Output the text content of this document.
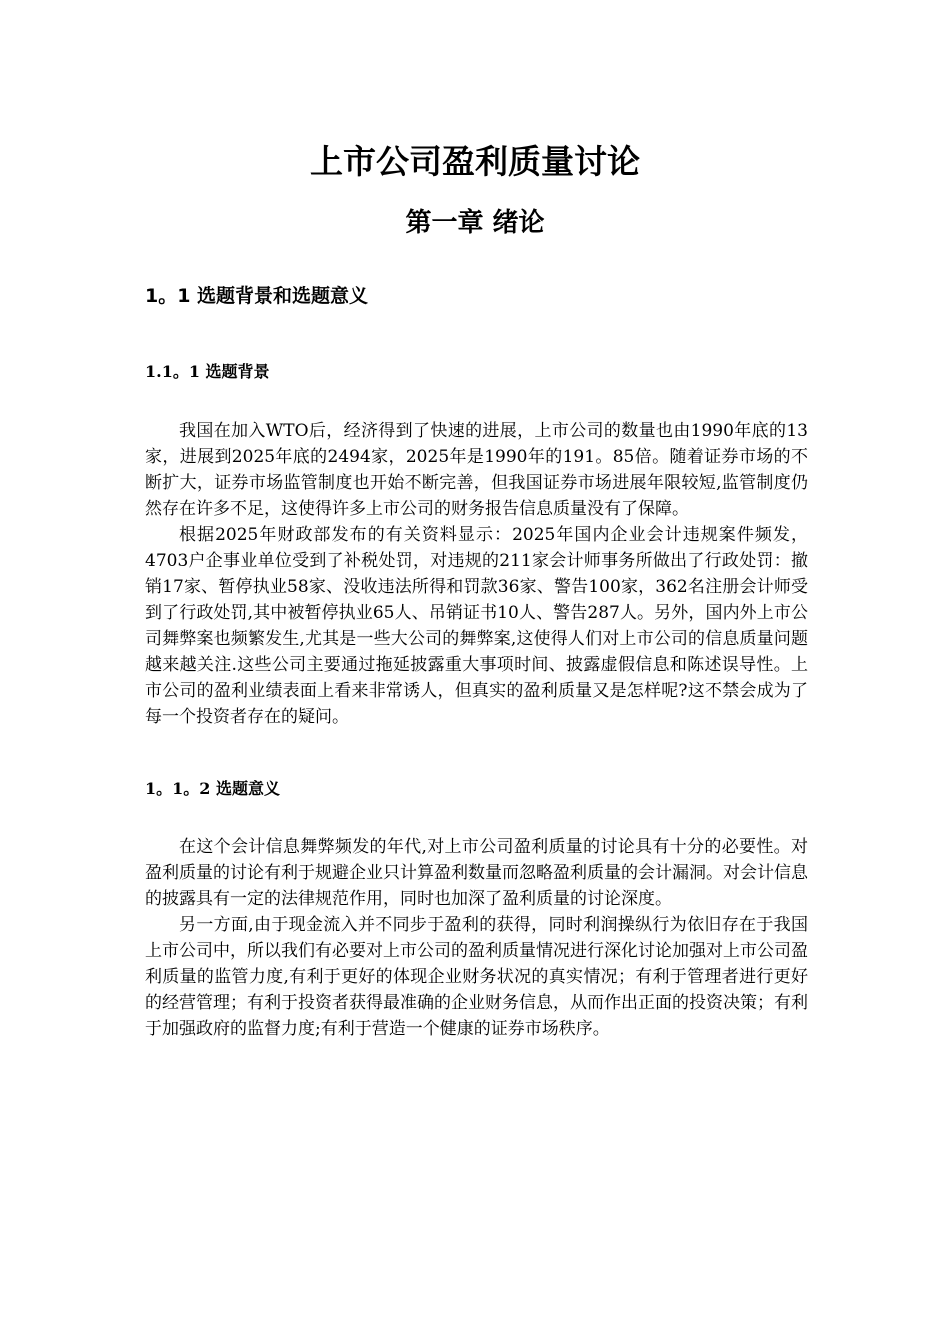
上市公司盈利质量讨论
第一章 绪论
1。1 选题背景和选题意义
1.1。1 选题背景

我国在加入WTO后，经济得到了快速的进展，上市公司的数量也由1990年底的13家，进展到2025年底的2494家，2025年是1990年的191。85倍。随着证券市场的不断扩大，证券市场监管制度也开始不断完善，但我国证券市场进展年限较短,监管制度仍然存在许多不足，这使得许多上市公司的财务报告信息质量没有了保障。

根据2025年财政部发布的有关资料显示：2025年国内企业会计违规案件频发，4703户企事业单位受到了补税处罚，对违规的211家会计师事务所做出了行政处罚：撤销17家、暂停执业58家、没收违法所得和罚款36家、警告100家，362名注册会计师受到了行政处罚,其中被暂停执业65人、吊销证书10人、警告287人。另外，国内外上市公司舞弊案也频繁发生,尤其是一些大公司的舞弊案,这使得人们对上市公司的信息质量问题越来越关注.这些公司主要通过拖延披露重大事项时间、披露虚假信息和陈述误导性。上市公司的盈利业绩表面上看来非常诱人，但真实的盈利质量又是怎样呢?这不禁会成为了每一个投资者存在的疑问。

1。1。2 选题意义

在这个会计信息舞弊频发的年代,对上市公司盈利质量的讨论具有十分的必要性。对盈利质量的讨论有利于规避企业只计算盈利数量而忽略盈利质量的会计漏洞。对会计信息的披露具有一定的法律规范作用，同时也加深了盈利质量的讨论深度。

另一方面,由于现金流入并不同步于盈利的获得，同时利润操纵行为依旧存在于我国上市公司中，所以我们有必要对上市公司的盈利质量情况进行深化讨论加强对上市公司盈利质量的监管力度,有利于更好的体现企业财务状况的真实情况；有利于管理者进行更好的经营管理；有利于投资者获得最准确的企业财务信息，从而作出正面的投资决策；有利于加强政府的监督力度;有利于营造一个健康的证券市场秩序。
